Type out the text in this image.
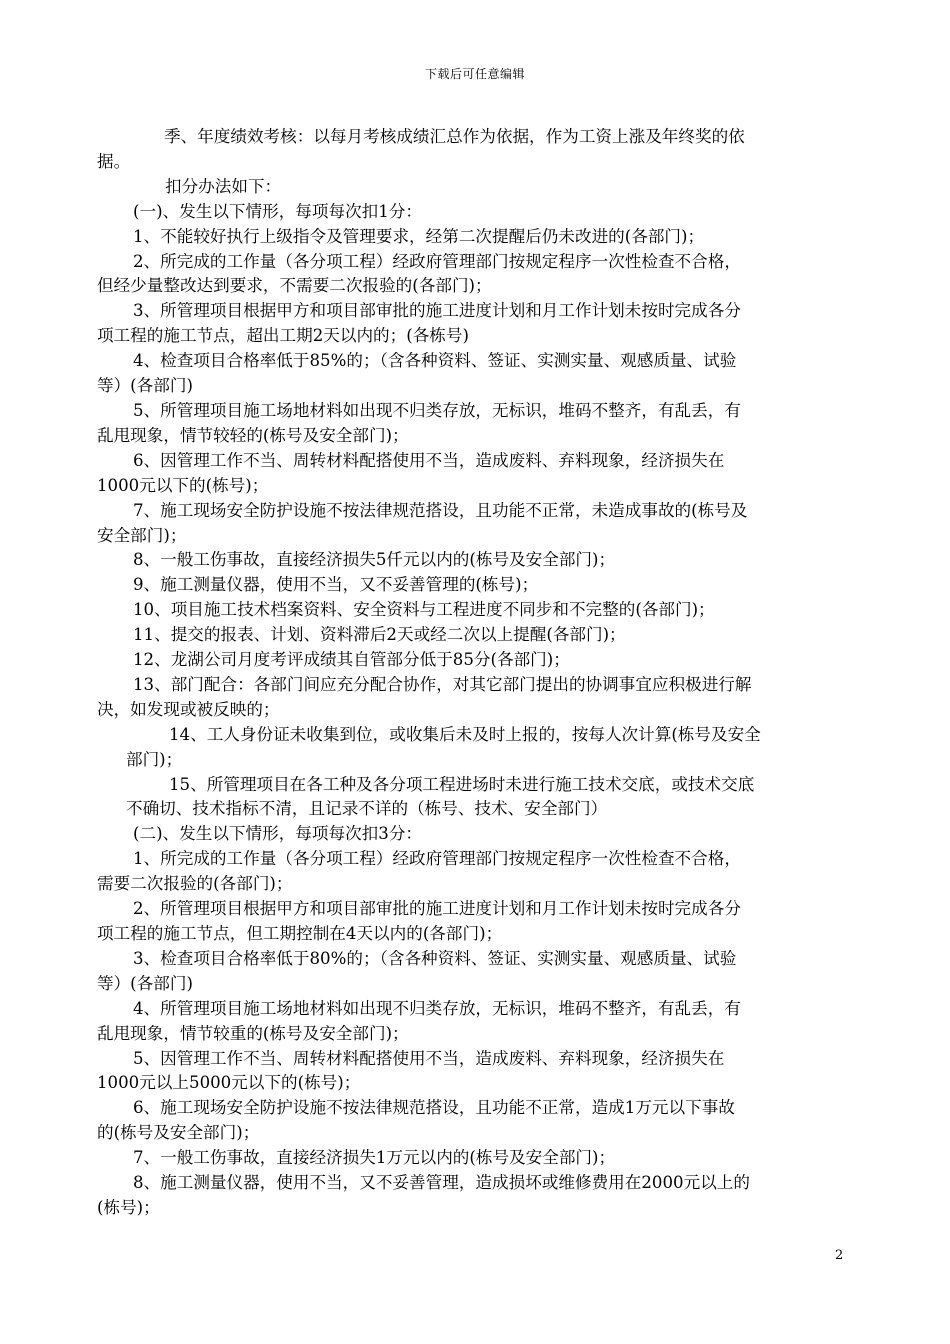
下载后可任意编辑

季、年度绩效考核：以每月考核成绩汇总作为依据，作为工资上涨及年终奖的依

据。

扣分办法如下：

(一)、发生以下情形，每项每次扣1分：

1、不能较好执行上级指令及管理要求，经第二次提醒后仍未改进的(各部门)；

2、所完成的工作量（各分项工程）经政府管理部门按规定程序一次性检查不合格，

但经少量整改达到要求，不需要二次报验的(各部门)；

3、所管理项目根据甲方和项目部审批的施工进度计划和月工作计划未按时完成各分

项工程的施工节点，超出工期2天以内的；(各栋号)

4、检查项目合格率低于85%的；（含各种资料、签证、实测实量、观感质量、试验

等）(各部门)

5、所管理项目施工场地材料如出现不归类存放，无标识，堆码不整齐，有乱丢，有

乱甩现象，情节较轻的(栋号及安全部门)；

6、因管理工作不当、周转材料配搭使用不当，造成废料、弃料现象，经济损失在

1000元以下的(栋号)；

7、施工现场安全防护设施不按法律规范搭设，且功能不正常，未造成事故的(栋号及

安全部门)；

8、一般工伤事故，直接经济损失5仟元以内的(栋号及安全部门)；

9、施工测量仪器，使用不当，又不妥善管理的(栋号)；

10、项目施工技术档案资料、安全资料与工程进度不同步和不完整的(各部门)；

11、提交的报表、计划、资料滞后2天或经二次以上提醒(各部门)；

12、龙湖公司月度考评成绩其自管部分低于85分(各部门)；

13、部门配合：各部门间应充分配合协作，对其它部门提出的协调事宜应积极进行解

决，如发现或被反映的；

14、工人身份证未收集到位，或收集后未及时上报的，按每人次计算(栋号及安全

部门)；

15、所管理项目在各工种及各分项工程进场时未进行施工技术交底，或技术交底

不确切、技术指标不清，且记录不详的（栋号、技术、安全部门）

(二)、发生以下情形，每项每次扣3分：

1、所完成的工作量（各分项工程）经政府管理部门按规定程序一次性检查不合格，

需要二次报验的(各部门)；

2、所管理项目根据甲方和项目部审批的施工进度计划和月工作计划未按时完成各分

项工程的施工节点，但工期控制在4天以内的(各部门)；

3、检查项目合格率低于80%的；（含各种资料、签证、实测实量、观感质量、试验

等）(各部门)

4、所管理项目施工场地材料如出现不归类存放，无标识，堆码不整齐，有乱丢，有

乱甩现象，情节较重的(栋号及安全部门)；

5、因管理工作不当、周转材料配搭使用不当，造成废料、弃料现象，经济损失在

1000元以上5000元以下的(栋号)；

6、施工现场安全防护设施不按法律规范搭设，且功能不正常，造成1万元以下事故

的(栋号及安全部门)；

7、一般工伤事故，直接经济损失1万元以内的(栋号及安全部门)；

8、施工测量仪器，使用不当，又不妥善管理，造成损坏或维修费用在2000元以上的

(栋号)；

2
